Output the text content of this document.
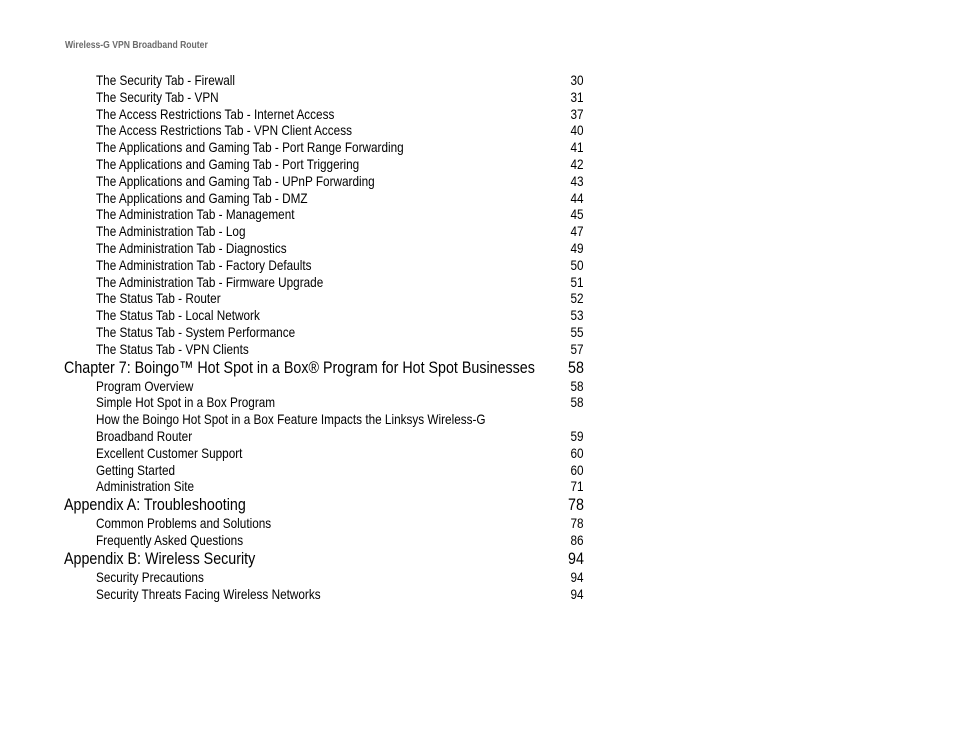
Wireless-G VPN Broadband Router
The Security Tab - Firewall	30
The Security Tab - VPN	31
The Access Restrictions Tab - Internet Access	37
The Access Restrictions Tab - VPN Client Access	40
The Applications and Gaming Tab - Port Range Forwarding	41
The Applications and Gaming Tab - Port Triggering	42
The Applications and Gaming Tab - UPnP Forwarding	43
The Applications and Gaming Tab - DMZ	44
The Administration Tab - Management	45
The Administration Tab - Log	47
The Administration Tab - Diagnostics	49
The Administration Tab - Factory Defaults	50
The Administration Tab - Firmware Upgrade	51
The Status Tab - Router	52
The Status Tab - Local Network	53
The Status Tab - System Performance	55
The Status Tab - VPN Clients	57
Chapter 7: Boingo™ Hot Spot in a Box® Program for Hot Spot Businesses 58
Program Overview	58
Simple Hot Spot in a Box Program	58
How the Boingo Hot Spot in a Box Feature Impacts the Linksys Wireless-G Broadband Router	59
Excellent Customer Support	60
Getting Started	60
Administration Site	71
Appendix A: Troubleshooting	78
Common Problems and Solutions	78
Frequently Asked Questions	86
Appendix B: Wireless Security	94
Security Precautions	94
Security Threats Facing Wireless Networks	94
